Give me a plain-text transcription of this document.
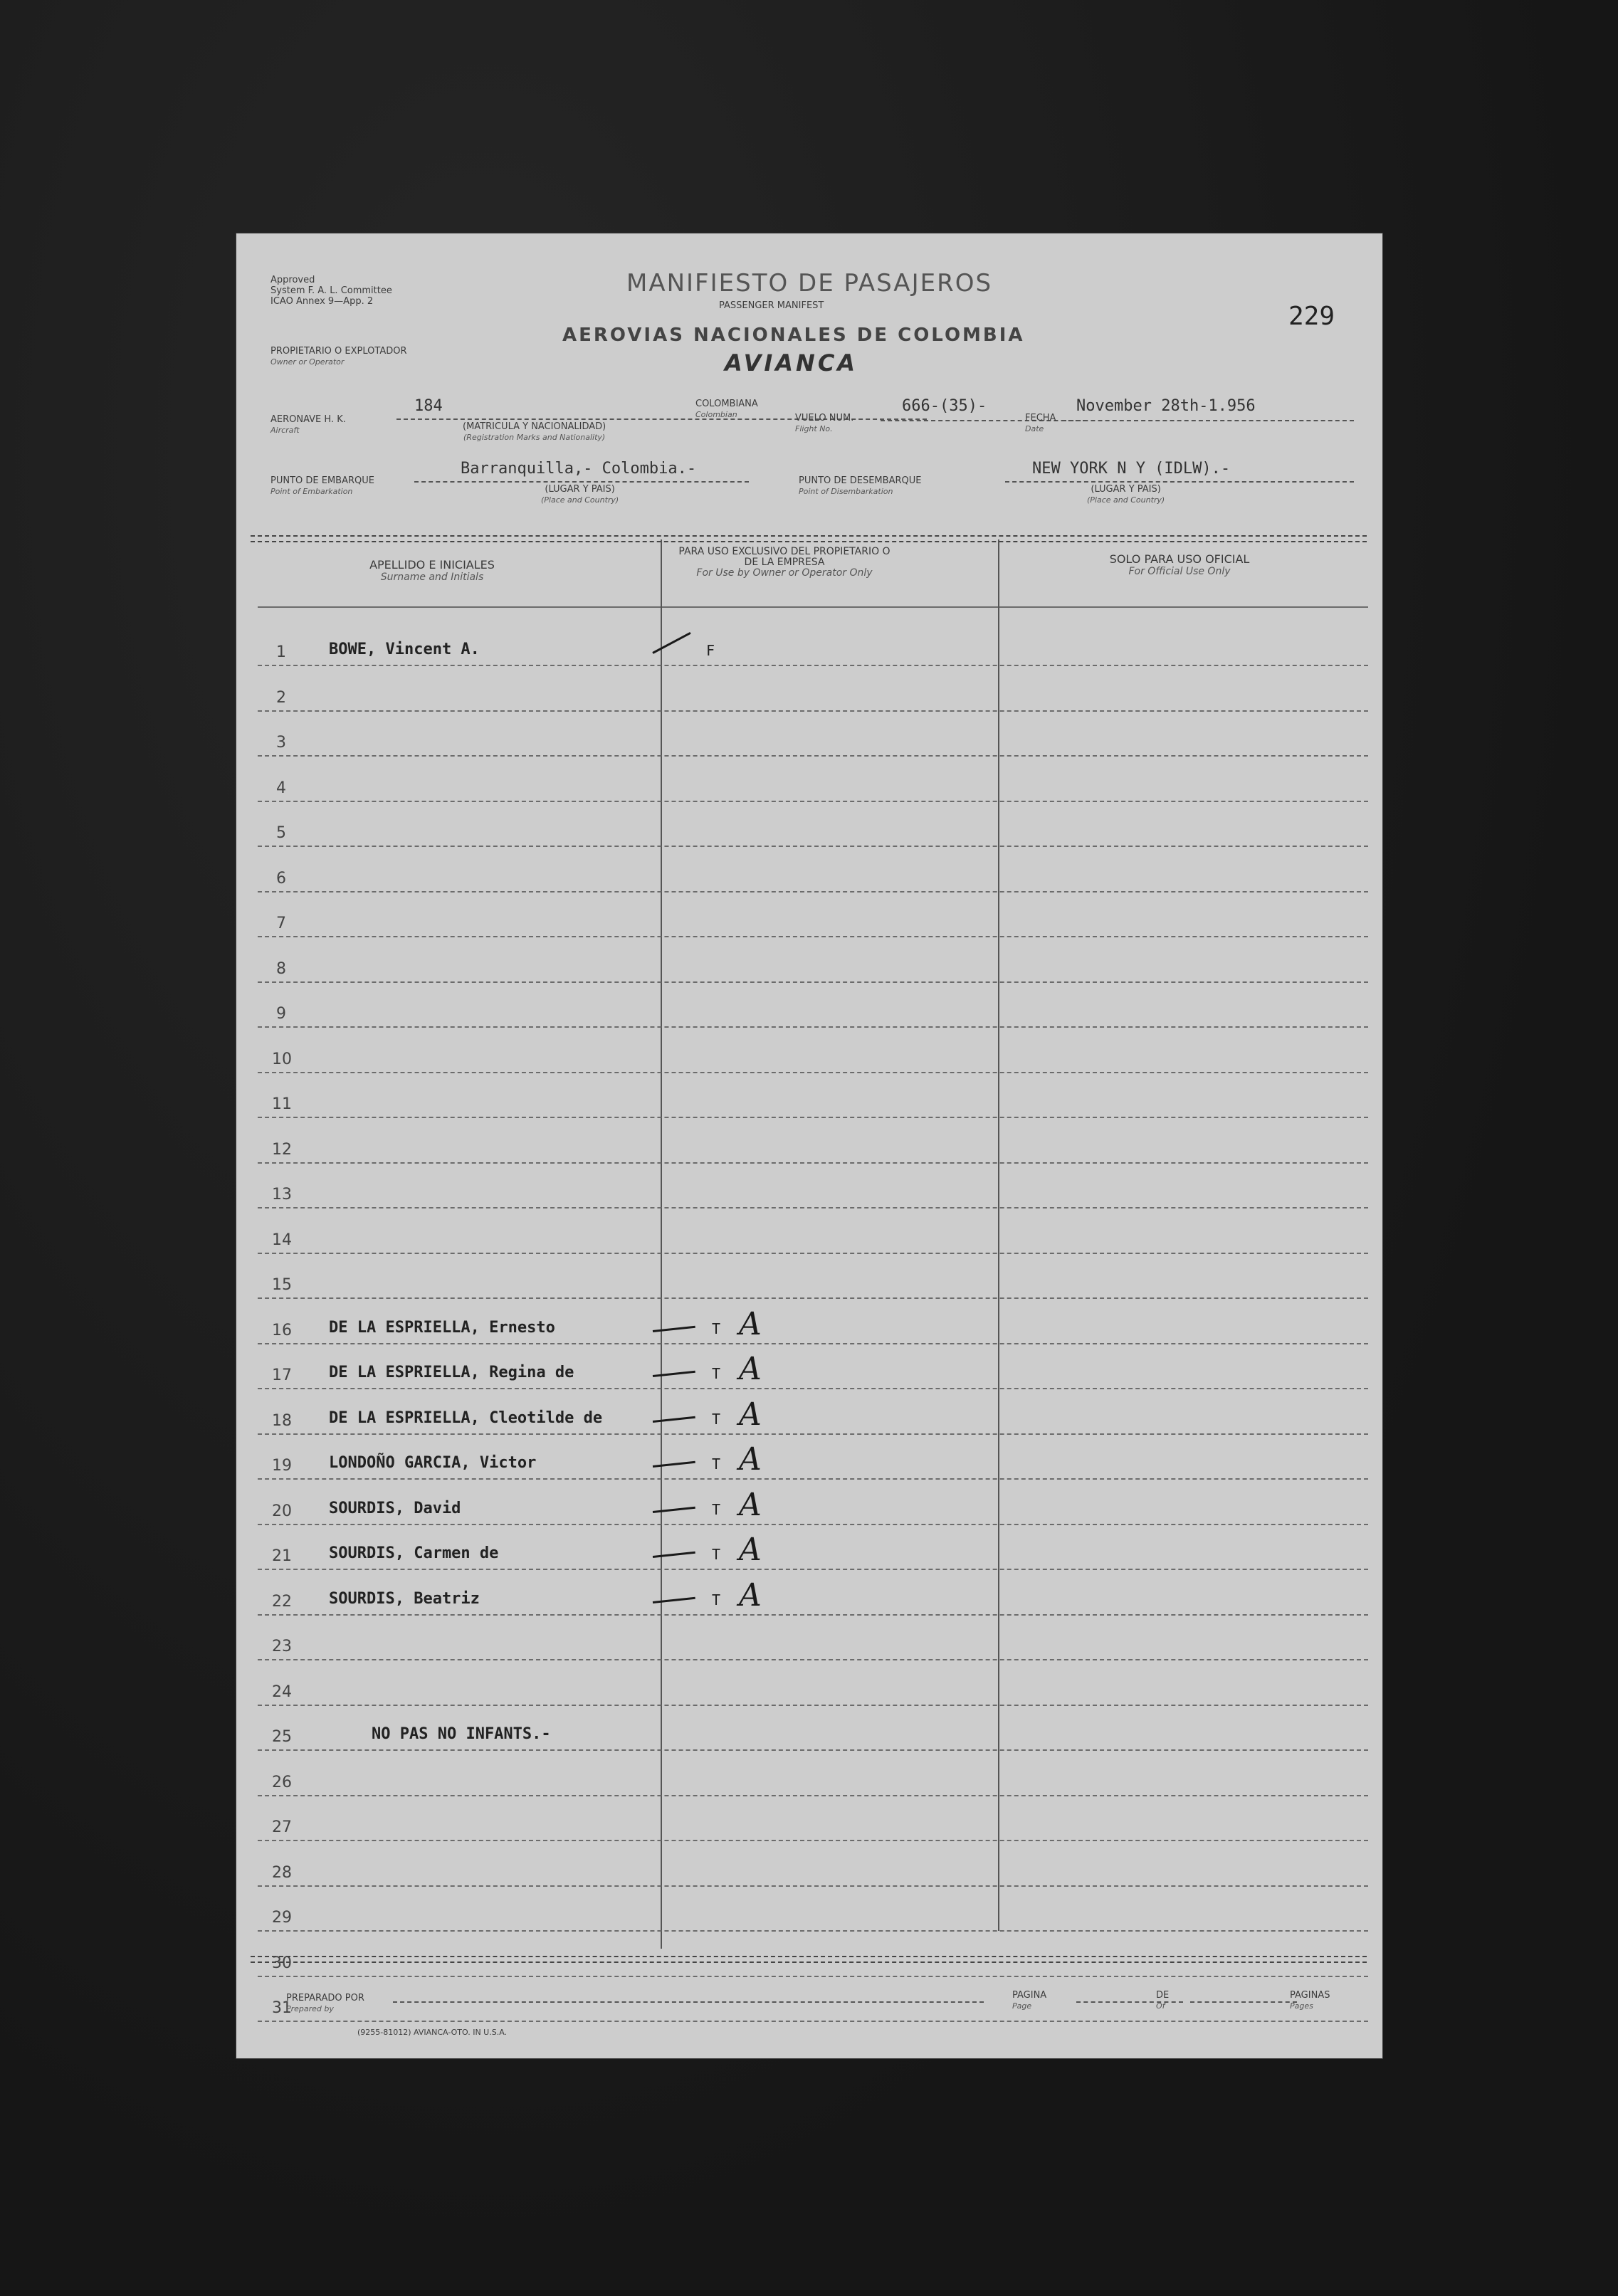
Approved
System F. A. L. Committee
ICAO Annex 9—App. 2
MANIFIESTO DE PASAJEROS
PASSENGER MANIFEST
AEROVIAS NACIONALES DE COLOMBIA
AVIANCA
229
PROPIETARIO O EXPLOTADOR
Owner or Operator
AERONAVE H. K.
Aircraft
184
(MATRICULA Y NACIONALIDAD)
(Registration Marks and Nationality)
COLOMBIANA
Colombian	VUELO NUM.
Flight No.
666-(35)-
FECHA
Date
November 28th-1.956
PUNTO DE EMBARQUE
Point of Embarkation
Barranquilla,- Colombia.-
(LUGAR Y PAIS)
(Place and Country)
PUNTO DE DESEMBARQUE
Point of Disembarkation
NEW YORK N Y (IDLW).-
(LUGAR Y PAIS)
(Place and Country)
APELLIDO E INICIALES
Surname and Initials
PARA USO EXCLUSIVO DEL PROPIETARIO O DE LA EMPRESA
For Use by Owner or Operator Only
SOLO PARA USO OFICIAL
For Official Use Only
1	BOWE, Vincent A.	F
2
3
4
5
6
7
8
9
10
11
12
13
14
15
16	DE LA ESPRIELLA, Ernesto	T A
17	DE LA ESPRIELLA, Regina de	T A
18	DE LA ESPRIELLA, Cleotilde de	T A
19	LONDOÑO GARCIA, Victor	T A
20	SOURDIS, David	T A
21	SOURDIS, Carmen de	T A
22	SOURDIS, Beatriz	T A
23
24
25	NO PAS NO INFANTS.-
26
27
28
29
30
31
PREPARADO POR
Prepared by
PAGINA
Page
DE
Of
PAGINAS
Pages
(9255-81012) AVIANCA-OTO. IN U.S.A.
